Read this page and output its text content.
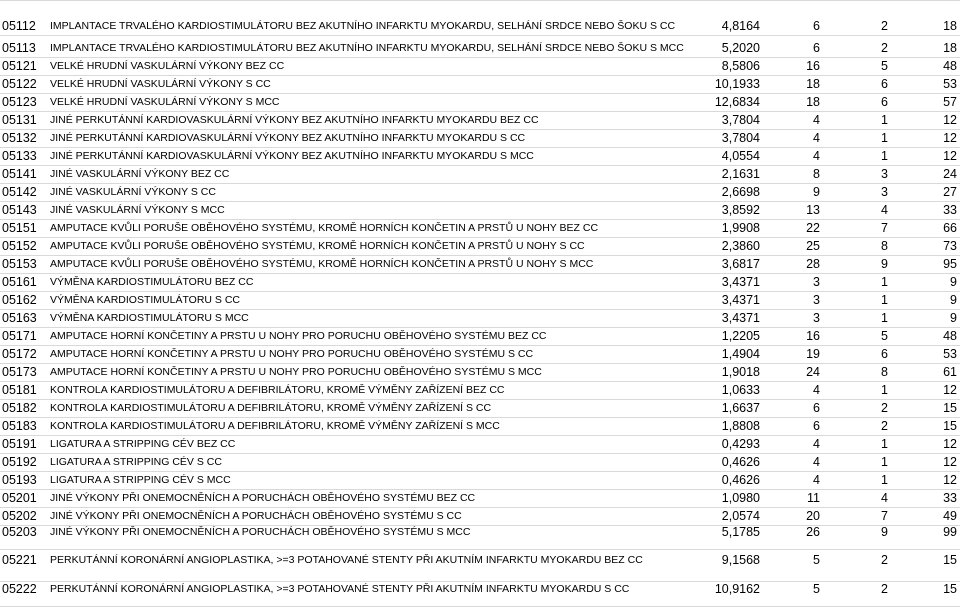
05112 IMPLANTACE TRVALÉHO KARDIOSTIMULÁTORU BEZ AKUTNÍHO INFARKTU MYOKARDU, SELHÁNÍ SRDCE NEBO ŠOKU S CC	4,8164	6	2	18
05113 IMPLANTACE TRVALÉHO KARDIOSTIMULÁTORU BEZ AKUTNÍHO INFARKTU MYOKARDU, SELHÁNÍ SRDCE NEBO ŠOKU S MCC	5,2020	6	2	18
05121 VELKÉ HRUDNÍ VASKULÁRNÍ VÝKONY BEZ CC	8,5806	16	5	48
05122 VELKÉ HRUDNÍ VASKULÁRNÍ VÝKONY S CC	10,1933	18	6	53
05123 VELKÉ HRUDNÍ VASKULÁRNÍ VÝKONY S MCC	12,6834	18	6	57
05131 JINÉ PERKUTÁNNÍ KARDIOVASKULÁRNÍ VÝKONY BEZ AKUTNÍHO INFARKTU MYOKARDU BEZ CC	3,7804	4	1	12
05132 JINÉ PERKUTÁNNÍ KARDIOVASKULÁRNÍ VÝKONY BEZ AKUTNÍHO INFARKTU MYOKARDU S CC	3,7804	4	1	12
05133 JINÉ PERKUTÁNNÍ KARDIOVASKULÁRNÍ VÝKONY BEZ AKUTNÍHO INFARKTU MYOKARDU S MCC	4,0554	4	1	12
05141 JINÉ VASKULÁRNÍ VÝKONY BEZ CC	2,1631	8	3	24
05142 JINÉ VASKULÁRNÍ VÝKONY S CC	2,6698	9	3	27
05143 JINÉ VASKULÁRNÍ VÝKONY S MCC	3,8592	13	4	33
05151 AMPUTACE KVŮLI PORUŠE OBĚHOVÉHO SYSTÉMU, KROMĚ HORNÍCH KONČETIN A PRSTŮ U NOHY BEZ CC	1,9908	22	7	66
05152 AMPUTACE KVŮLI PORUŠE OBĚHOVÉHO SYSTÉMU, KROMĚ HORNÍCH KONČETIN A PRSTŮ U NOHY S CC	2,3860	25	8	73
05153 AMPUTACE KVŮLI PORUŠE OBĚHOVÉHO SYSTÉMU, KROMĚ HORNÍCH KONČETIN A PRSTŮ U NOHY S MCC	3,6817	28	9	95
05161 VÝMĚNA KARDIOSTIMULÁTORU BEZ CC	3,4371	3	1	9
05162 VÝMĚNA KARDIOSTIMULÁTORU S CC	3,4371	3	1	9
05163 VÝMĚNA KARDIOSTIMULÁTORU S MCC	3,4371	3	1	9
05171 AMPUTACE HORNÍ KONČETINY A PRSTU U NOHY PRO PORUCHU OBĚHOVÉHO SYSTÉMU BEZ CC	1,2205	16	5	48
05172 AMPUTACE HORNÍ KONČETINY A PRSTU U NOHY PRO PORUCHU OBĚHOVÉHO SYSTÉMU S CC	1,4904	19	6	53
05173 AMPUTACE HORNÍ KONČETINY A PRSTU U NOHY PRO PORUCHU OBĚHOVÉHO SYSTÉMU S MCC	1,9018	24	8	61
05181 KONTROLA KARDIOSTIMULÁTORU A DEFIBRILÁTORU, KROMĚ VÝMĚNY ZAŘÍZENÍ BEZ CC	1,0633	4	1	12
05182 KONTROLA KARDIOSTIMULÁTORU A DEFIBRILÁTORU, KROMĚ VÝMĚNY ZAŘÍZENÍ S CC	1,6637	6	2	15
05183 KONTROLA KARDIOSTIMULÁTORU A DEFIBRILÁTORU, KROMĚ VÝMĚNY ZAŘÍZENÍ S MCC	1,8808	6	2	15
05191 LIGATURA A STRIPPING CÉV BEZ CC	0,4293	4	1	12
05192 LIGATURA A STRIPPING CÉV S CC	0,4626	4	1	12
05193 LIGATURA A STRIPPING CÉV S MCC	0,4626	4	1	12
05201 JINÉ VÝKONY PŘI ONEMOCNĚNÍCH A PORUCHÁCH OBĚHOVÉHO SYSTÉMU BEZ CC	1,0980	11	4	33
05202 JINÉ VÝKONY PŘI ONEMOCNĚNÍCH A PORUCHÁCH OBĚHOVÉHO SYSTÉMU S CC	2,0574	20	7	49
05203 JINÉ VÝKONY PŘI ONEMOCNĚNÍCH A PORUCHÁCH OBĚHOVÉHO SYSTÉMU S MCC	5,1785	26	9	99
05221 PERKUTÁNNÍ KORONÁRNÍ ANGIOPLASTIKA, >=3 POTAHOVANÉ STENTY PŘI AKUTNÍM INFARKTU MYOKARDU BEZ CC	9,1568	5	2	15
05222 PERKUTÁNNÍ KORONÁRNÍ ANGIOPLASTIKA, >=3 POTAHOVANÉ STENTY PŘI AKUTNÍM INFARKTU MYOKARDU S CC	10,9162	5	2	15
